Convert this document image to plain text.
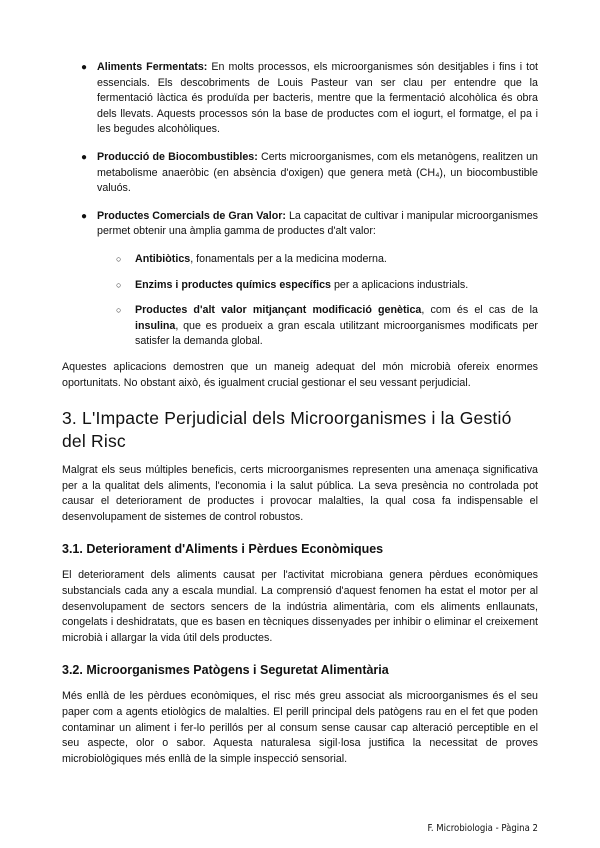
● Aliments Fermentats: En molts processos, els microorganismes són desitjables i fins i tot essencials. Els descobriments de Louis Pasteur van ser clau per entendre que la fermentació làctica és produïda per bacteris, mentre que la fermentació alcohòlica és obra dels llevats. Aquests processos són la base de productes com el iogurt, el formatge, el pa i les begudes alcohòliques.
● Producció de Biocombustibles: Certs microorganismes, com els metanògens, realitzen un metabolisme anaeròbic (en absència d'oxigen) que genera metà (CH₄), un biocombustible valuós.
● Productes Comercials de Gran Valor: La capacitat de cultivar i manipular microorganismes permet obtenir una àmplia gamma de productes d'alt valor:
○ Antibiòtics, fonamentals per a la medicina moderna.
○ Enzims i productes químics específics per a aplicacions industrials.
○ Productes d'alt valor mitjançant modificació genètica, com és el cas de la insulina, que es produeix a gran escala utilitzant microorganismes modificats per satisfer la demanda global.

Aquestes aplicacions demostren que un maneig adequat del món microbià ofereix enormes oportunitats. No obstant això, és igualment crucial gestionar el seu vessant perjudicial.

3. L'Impacte Perjudicial dels Microorganismes i la Gestió del Risc

Malgrat els seus múltiples beneficis, certs microorganismes representen una amenaça significativa per a la qualitat dels aliments, l'economia i la salut pública. La seva presència no controlada pot causar el deteriorament de productes i provocar malalties, la qual cosa fa indispensable el desenvolupament de sistemes de control robustos.

3.1. Deteriorament d'Aliments i Pèrdues Econòmiques

El deteriorament dels aliments causat per l'activitat microbiana genera pèrdues econòmiques substancials cada any a escala mundial. La comprensió d'aquest fenomen ha estat el motor per al desenvolupament de sectors sencers de la indústria alimentària, com els aliments enllaunats, congelats i deshidratats, que es basen en tècniques dissenyades per inhibir o eliminar el creixement microbià i allargar la vida útil dels productes.

3.2. Microorganismes Patògens i Seguretat Alimentària

Més enllà de les pèrdues econòmiques, el risc més greu associat als microorganismes és el seu paper com a agents etiològics de malalties. El perill principal dels patògens rau en el fet que poden contaminar un aliment i fer-lo perillós per al consum sense causar cap alteració perceptible en el seu aspecte, olor o sabor. Aquesta naturalesa sigil·losa justifica la necessitat de proves microbiològiques més enllà de la simple inspecció sensorial.

F. Microbiologia - Pàgina 2
